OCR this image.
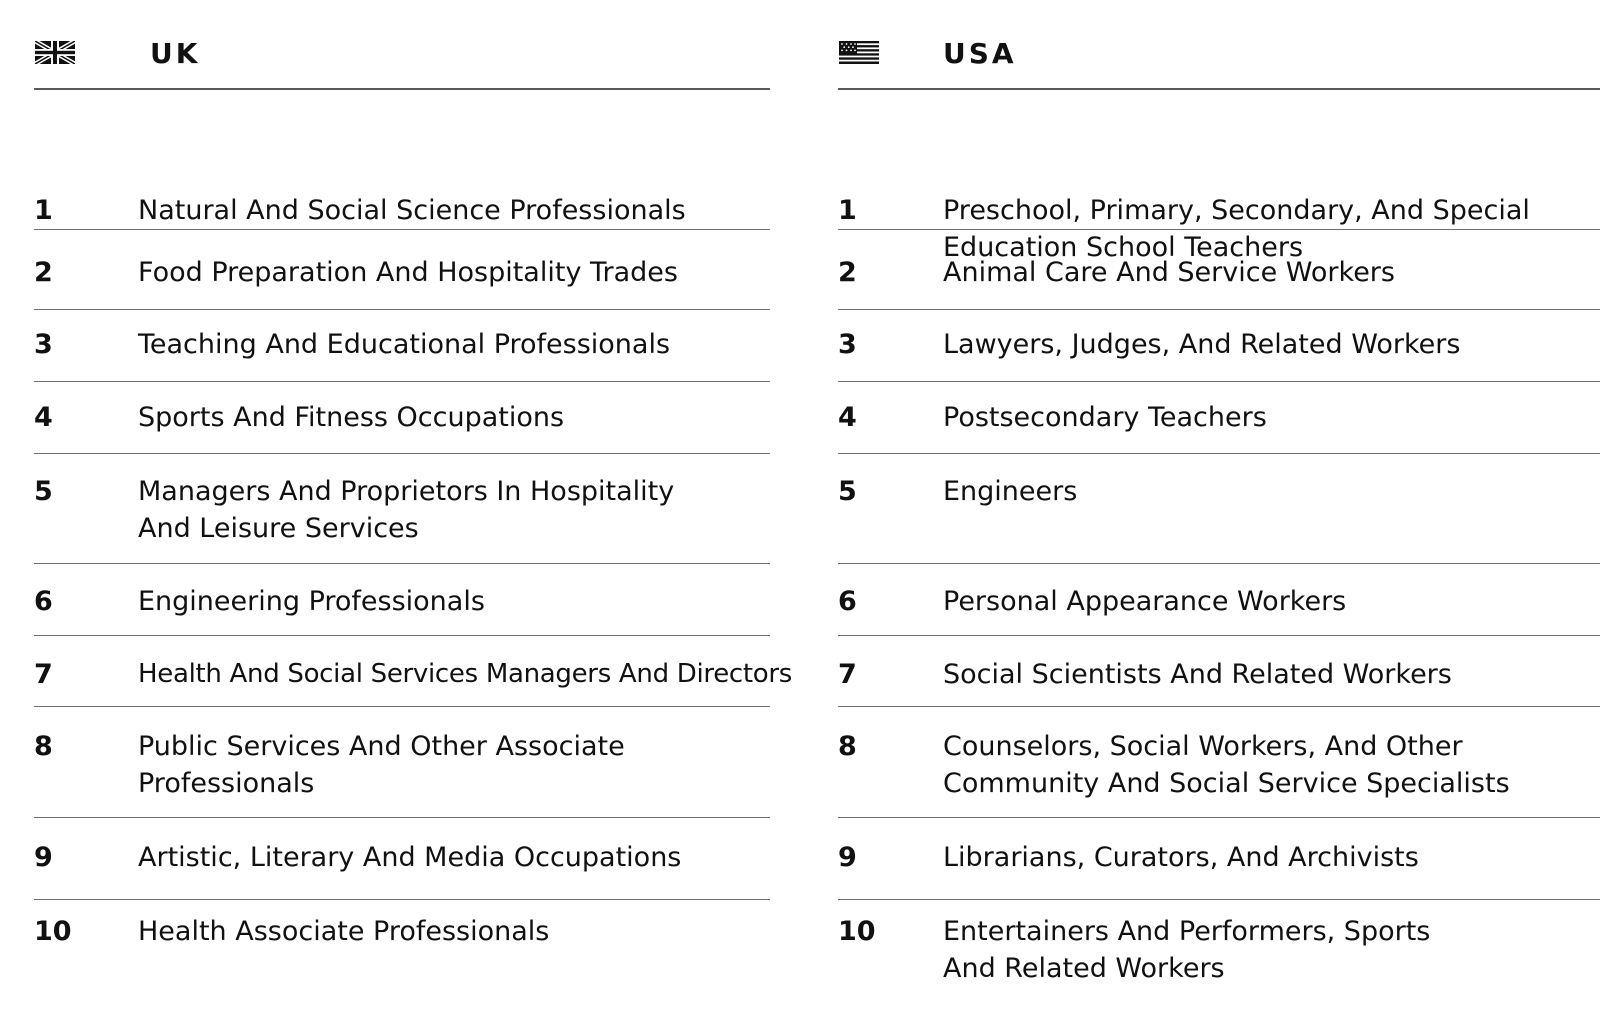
UK
1	Natural And Social Science Professionals
2	Food Preparation And Hospitality Trades
3	Teaching And Educational Professionals
4	Sports And Fitness Occupations
5	Managers And Proprietors In Hospitality
And Leisure Services
6	Engineering Professionals
7	Health And Social Services Managers And Directors
8	Public Services And Other Associate
Professionals
9	Artistic, Literary And Media Occupations
10 Health Associate Professionals
USA
1	Preschool, Primary, Secondary, And Special
Education School Teachers
2	Animal Care And Service Workers
3	Lawyers, Judges, And Related Workers
4	Postsecondary Teachers
5	Engineers
6	Personal Appearance Workers
7	Social Scientists And Related Workers
8	Counselors, Social Workers, And Other
Community And Social Service Specialists
9	Librarians, Curators, And Archivists
10 Entertainers And Performers, Sports
And Related Workers
